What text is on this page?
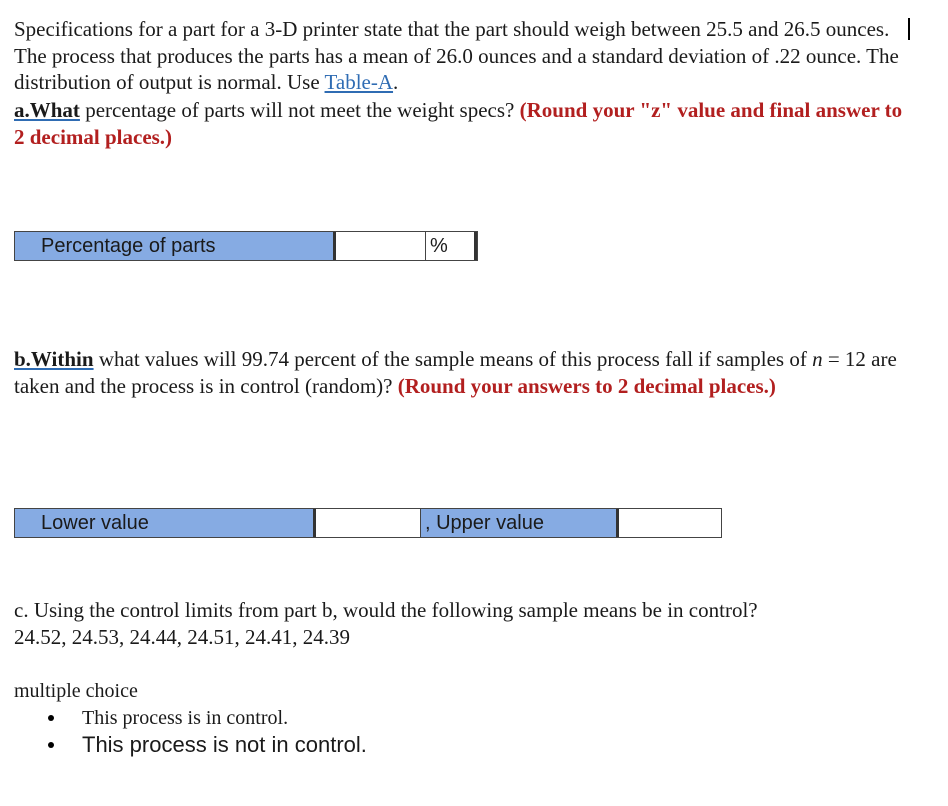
Specifications for a part for a 3-D printer state that the part should weigh between 25.5 and 26.5 ounces. The process that produces the parts has a mean of 26.0 ounces and a standard deviation of .22 ounce. The distribution of output is normal. Use Table-A.
a.What percentage of parts will not meet the weight specs? (Round your "z" value and final answer to 2 decimal places.)
Percentage of parts	%
b.Within what values will 99.74 percent of the sample means of this process fall if samples of n = 12 are taken and the process is in control (random)? (Round your answers to 2 decimal places.)
Lower value	, Upper value
c. Using the control limits from part b, would the following sample means be in control? 24.52, 24.53, 24.44, 24.51, 24.41, 24.39
multiple choice
This process is in control.
This process is not in control.
